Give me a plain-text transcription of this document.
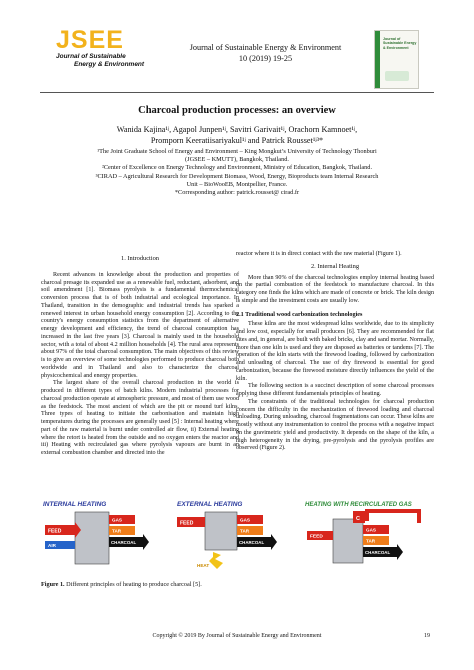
JSEE
Journal of Sustainable
Energy & Environment
Journal of Sustainable Energy & Environment
10 (2019) 19-25
Journal of Sustainable Energy & Environment
Charcoal production processes: an overview
Wanida Kajina¹ʲ, Agapol Junpen¹ʲ, Savitri Garivait¹ʲ, Orachorn Kamnoet¹ʲ,
Promporn Keeratiisariyakul¹ʲ and Patrick Rousset¹ʲ³*
¹The Joint Graduate School of Energy and Environment – King Mongkut’s University of Technology Thonburi
(JGSEE – KMUTT), Bangkok, Thailand.
²Center of Excellence on Energy Technology and Environment, Ministry of Education, Bangkok, Thailand.
³CIRAD – Agricultural Research for Development Biomass, Wood, Energy, Bioproducts team Internal Research
Unit – BioWooEB, Montpellier, France.
*Corresponding author: patrick.rousset@ cirad.fr
1. Introduction

Recent advances in knowledge about the production and properties of charcoal presage its expanded use as a renewable fuel, reductant, adsorbent, and soil amendment [1]. Biomass pyrolysis is a fundamental thermochemical conversion process that is of both industrial and ecological importance. In Thailand, transition in the demographic and industrial trends has sparked a renewed interest in urban household energy consumption [2]. According to the country's energy consumption statistics from the department of alternative energy development and efficiency, the trend of charcoal consumption has increased in the last five years [3]. Charcoal is mainly used in the household sector, with a total of about 4.2 million households [4]. The rural area represents about 97% of the total charcoal consumption. The main objectives of this review is to give an overview of some technologies performed to produce charcoal both worldwide and in Thailand and also to characterize the charcoal physicochemical and energy properties.

The largest share of the overall charcoal production in the world is produced in different types of batch kilns. Modern industrial processes for charcoal production operate at atmospheric pressure, and most of them use wood as the feedstock. The most ancient of which are the pit or mound turf kilns. Three types of heating to initiate the carbonisation and maintain high temperatures during the processes are generally used [5] : Internal heating where part of the raw material is burnt under controlled air flow, ii) External heating where the retort is heated from the outside and no oxygen enters the reactor and iii) Heating with recirculated gas where pyrolysis vapours are burnt in an external combustion chamber and directed into the

reactor where it is in direct contact with the raw material (Figure 1).

2. Internal Heating

More than 90% of the charcoal technologies employ internal heating based on the partial combustion of the feedstock to manufacture charcoal. In this category one finds the kilns which are made of concrete or brick. The kiln design is simple and the investment costs are usually low.

2.1 Traditional wood carbonization technologies

These kilns are the most widespread kilns worldwide, due to its simplicity and low cost, especially for small producers [6]. They are recommended for flat sites and, in general, are built with baked bricks, clay and sand mortar. Normally, more than one kiln is used and they are disposed as batteries or tandems [7]. The operation of the kiln starts with the firewood loading, followed by carbonization and unloading of charcoal. The use of dry firewood is essential for good carbonization, because the firewood moisture directly influences the yield of the kiln.

The following section is a succinct description of some charcoal processes applying these different fundamentals principles of heating.

The constraints of the traditional technologies for charcoal production concern the difficulty in the mechanization of firewood loading and charcoal unloading. During unloading, charcoal fragmentations can occur. These kilns are mostly without any instrumentation to control the process with a negative impact on the gravimetric yield and productivity. It depends on the shape of the kiln, a high heterogeneity in the drying, pre-pyrolysis and the pyrolysis profiles are observed (Figure 2).

INTERNAL HEATING
FEED
AIR
GAS
TAR
CHARCOAL
EXTERNAL HEATING
FEED
GAS
TAR
CHARCOAL
HEAT
HEATING WITH RECIRCULATED GAS
FEED
C
GAS
TAR
CHARCOAL
Figure 1. Different principles of heating to produce charcoal [5].
Copyright © 2019 By Journal of Sustainable Energy and Environment	19
